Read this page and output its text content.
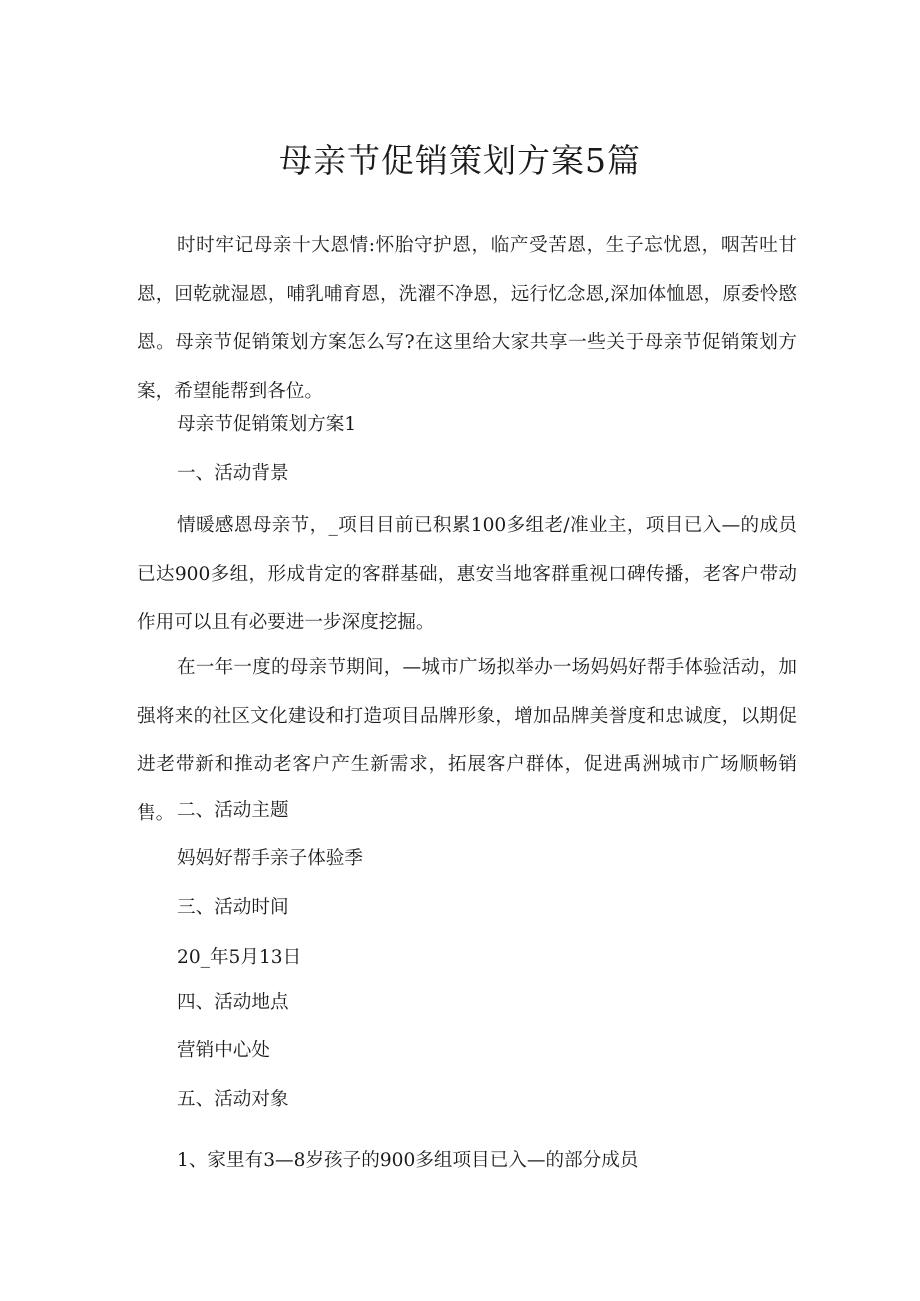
母亲节促销策划方案5篇

时时牢记母亲十大恩情:怀胎守护恩，临产受苦恩，生子忘忧恩，咽苦吐甘恩，回乾就湿恩，哺乳哺育恩，洗濯不净恩，远行忆念恩,深加体恤恩，原委怜愍恩。母亲节促销策划方案怎么写?在这里给大家共享一些关于母亲节促销策划方案，希望能帮到各位。

母亲节促销策划方案1

一、活动背景

情暖感恩母亲节，_项目目前已积累100多组老/准业主，项目已入—的成员已达900多组，形成肯定的客群基础，惠安当地客群重视口碑传播，老客户带动作用可以且有必要进一步深度挖掘。

在一年一度的母亲节期间，—城市广场拟举办一场妈妈好帮手体验活动，加强将来的社区文化建设和打造项目品牌形象，增加品牌美誉度和忠诚度，以期促进老带新和推动老客户产生新需求，拓展客户群体，促进禹洲城市广场顺畅销售。 二、活动主题

妈妈好帮手亲子体验季

三、活动时间

20_年5月13日

四、活动地点

营销中心处

五、活动对象

1、家里有3—8岁孩子的900多组项目已入—的部分成员
